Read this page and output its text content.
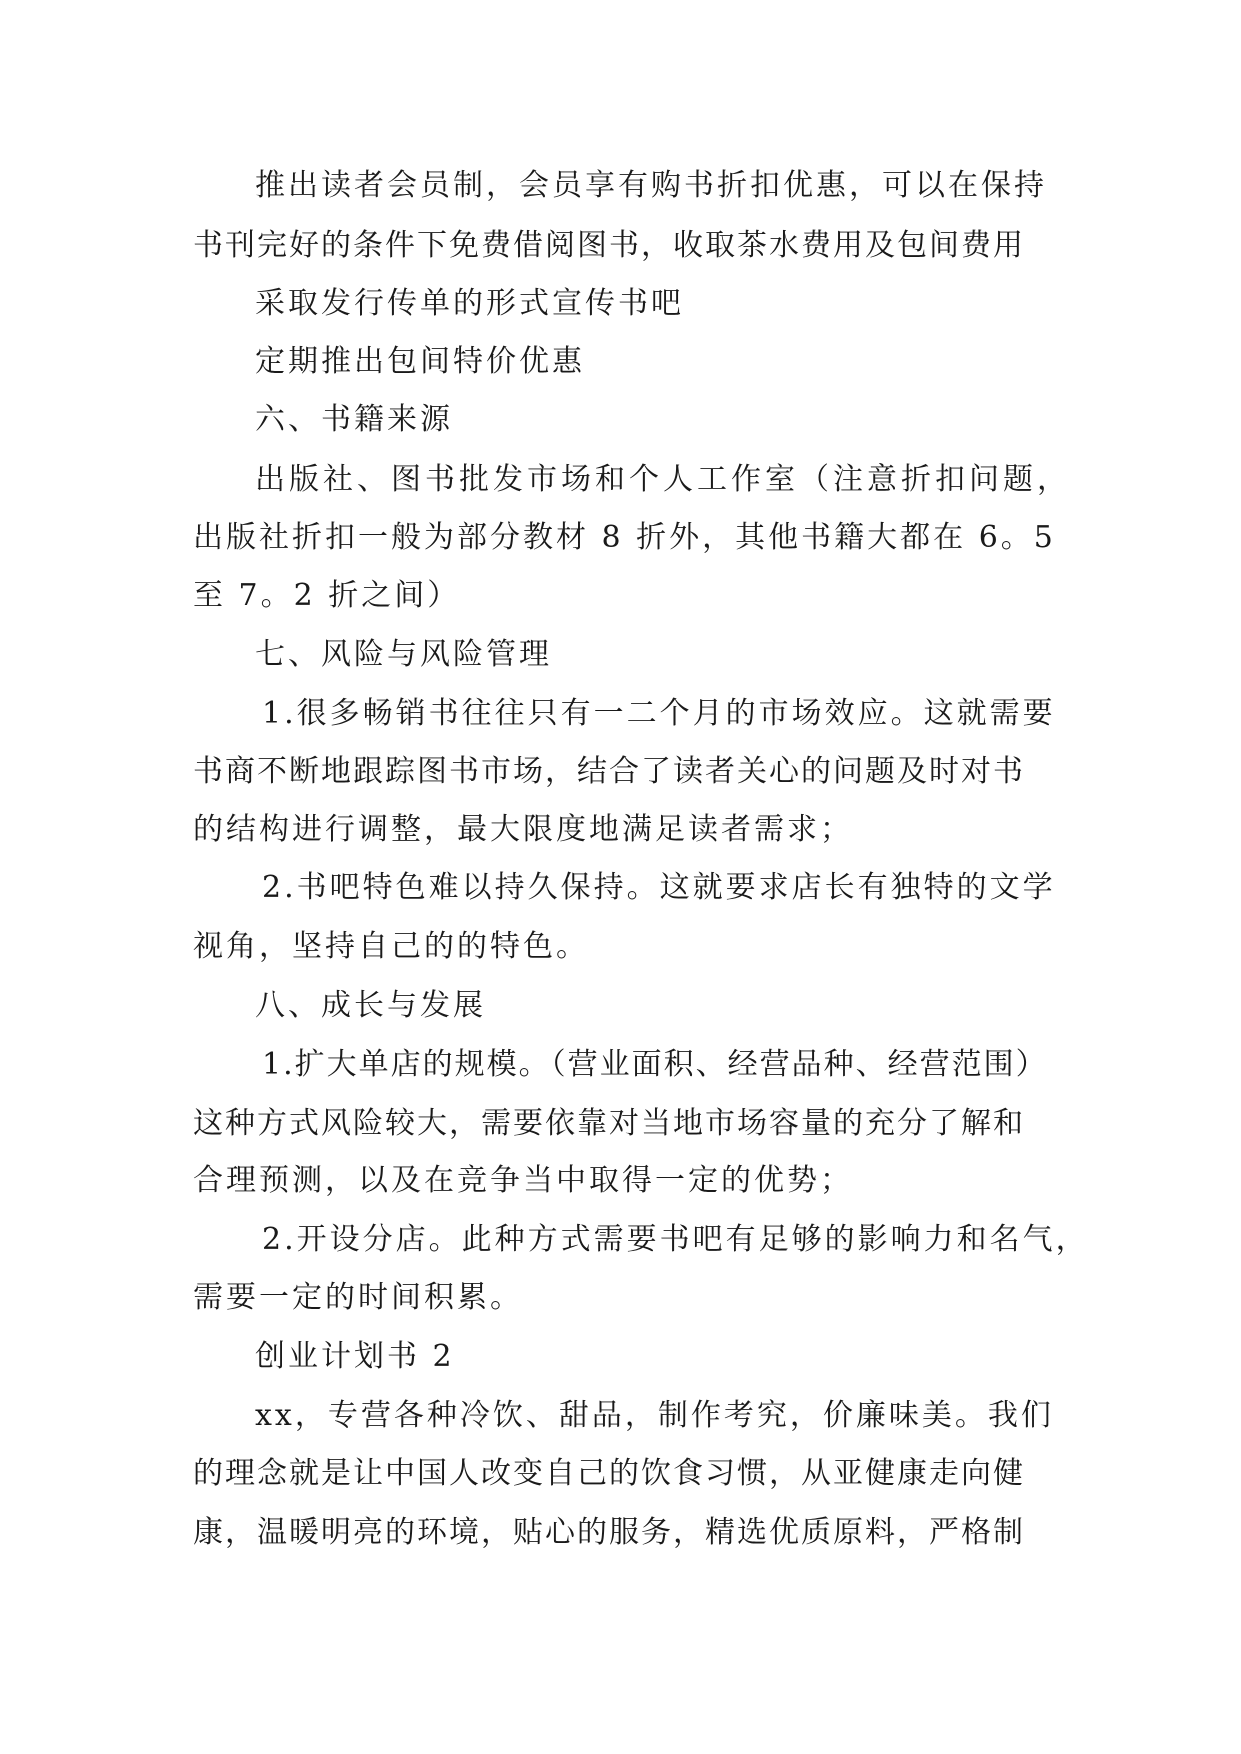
推出读者会员制，会员享有购书折扣优惠，可以在保持
书刊完好的条件下免费借阅图书，收取茶水费用及包间费用
采取发行传单的形式宣传书吧
定期推出包间特价优惠
六、书籍来源
出版社、图书批发市场和个人工作室（注意折扣问题，
出版社折扣一般为部分教材 8 折外，其他书籍大都在 6。5
至 7。2 折之间）
七、风险与风险管理
1.很多畅销书往往只有一二个月的市场效应。这就需要
书商不断地跟踪图书市场，结合了读者关心的问题及时对书
的结构进行调整，最大限度地满足读者需求；
2.书吧特色难以持久保持。这就要求店长有独特的文学
视角，坚持自己的的特色。
八、成长与发展
1.扩大单店的规模。（营业面积、经营品种、经营范围）
这种方式风险较大，需要依靠对当地市场容量的充分了解和
合理预测，以及在竞争当中取得一定的优势；
2.开设分店。此种方式需要书吧有足够的影响力和名气，
需要一定的时间积累。
创业计划书 2
xx，专营各种冷饮、甜品，制作考究，价廉味美。我们
的理念就是让中国人改变自己的饮食习惯，从亚健康走向健
康，温暖明亮的环境，贴心的服务，精选优质原料，严格制
